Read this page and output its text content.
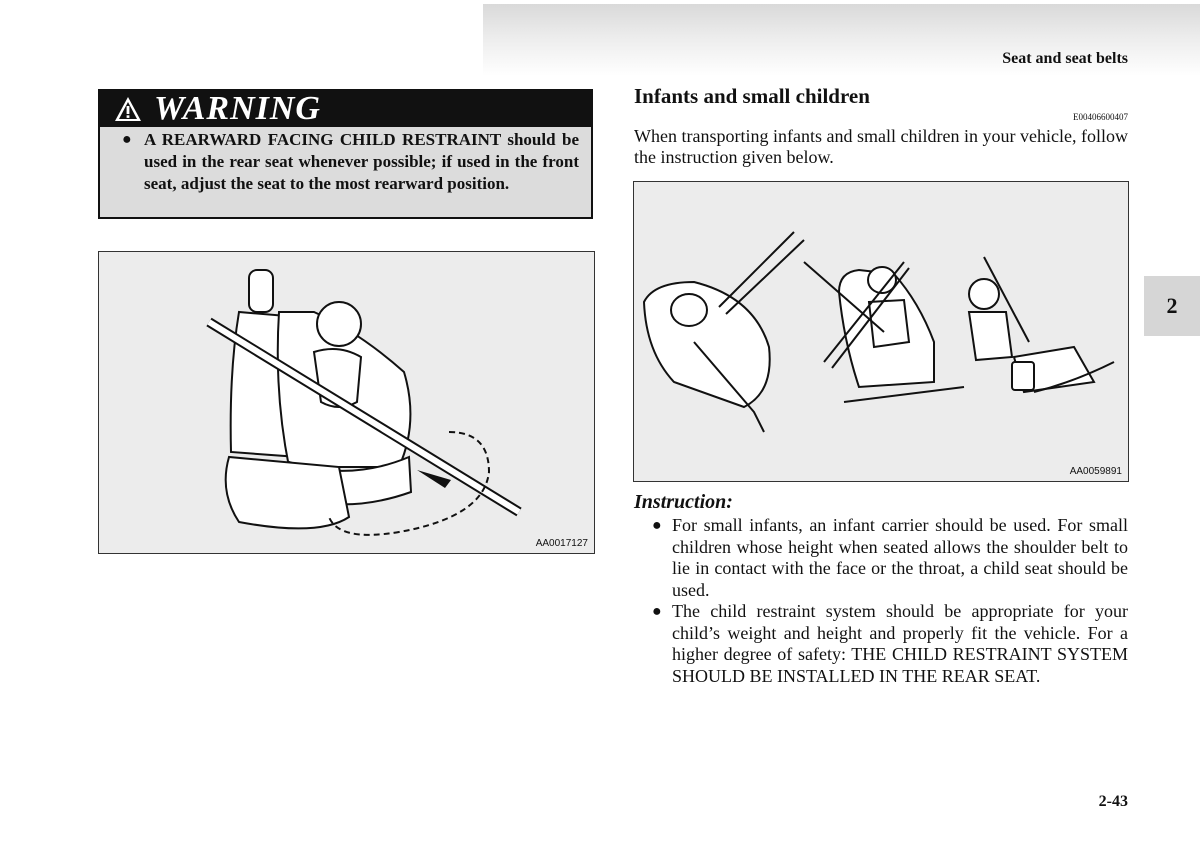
Seat and seat belts
2
WARNING
● A REARWARD FACING CHILD RESTRAINT should be used in the rear seat whenever possible; if used in the front seat, adjust the seat to the most rearward position.
AA0017127
Infants and small children
E00406600407
When transporting infants and small children in your vehicle, follow the instruction given below.
AA0059891
Instruction:
● For small infants, an infant carrier should be used. For small children whose height when seated allows the shoulder belt to lie in contact with the face or the throat, a child seat should be used.
● The child restraint system should be appropriate for your child’s weight and height and properly fit the vehicle. For a higher degree of safety: THE CHILD RESTRAINT SYSTEM SHOULD BE INSTALLED IN THE REAR SEAT.
2-43
